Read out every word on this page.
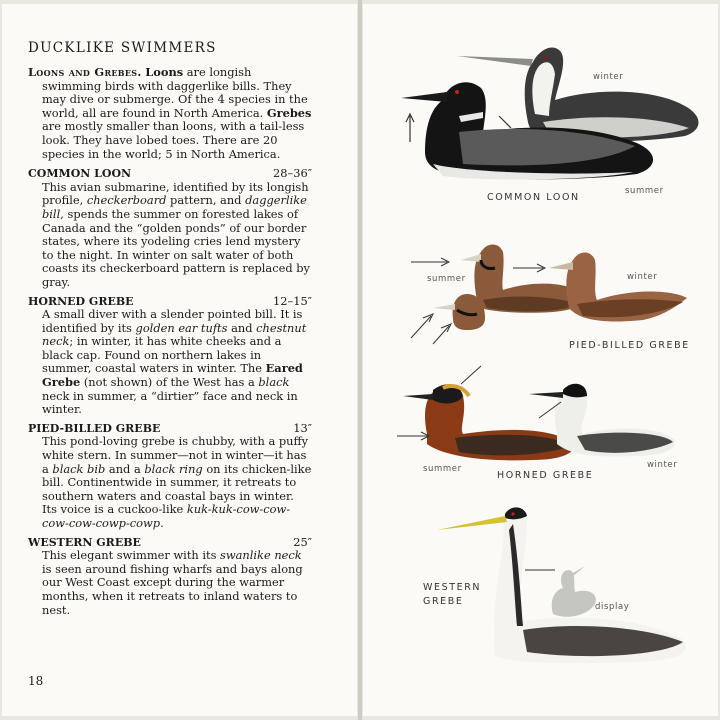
DUCKLIKE SWIMMERS

Loons and Grebes. Loons are longish swimming birds with daggerlike bills. They may dive or submerge. Of the 4 species in the world, all are found in North America. Grebes are mostly smaller than loons, with a tail-less look. They have lobed toes. There are 20 species in the world; 5 in North America.

COMMON LOON	28–36″

This avian submarine, identified by its longish profile, checkerboard pattern, and daggerlike bill, spends the summer on forested lakes of Canada and the “golden ponds” of our border states, where its yodeling cries lend mystery to the night. In winter on salt water of both coasts its checkerboard pattern is replaced by gray.

HORNED GREBE	12–15″

A small diver with a slender pointed bill. It is identified by its golden ear tufts and chestnut neck; in winter, it has white cheeks and a black cap. Found on northern lakes in summer, coastal waters in winter. The Eared Grebe (not shown) of the West has a black neck in summer, a “dirtier” face and neck in winter.

PIED-BILLED GREBE	13″

This pond-loving grebe is chubby, with a puffy white stern. In summer—not in winter—it has a black bib and a black ring on its chicken-like bill. Continentwide in summer, it retreats to southern waters and coastal bays in winter. Its voice is a cuckoo-like kuk-kuk-cow-cow-cow-cow-cowp-cowp.

WESTERN GREBE	25″

This elegant swimmer with its swanlike neck is seen around fishing wharfs and bays along our West Coast except during the warmer months, when it retreats to inland waters to nest.

18
winter
summer
COMMON LOON
summer	winter
PIED-BILLED GREBE
summer	winter
HORNED GREBE
WESTERN
GREBE	display
